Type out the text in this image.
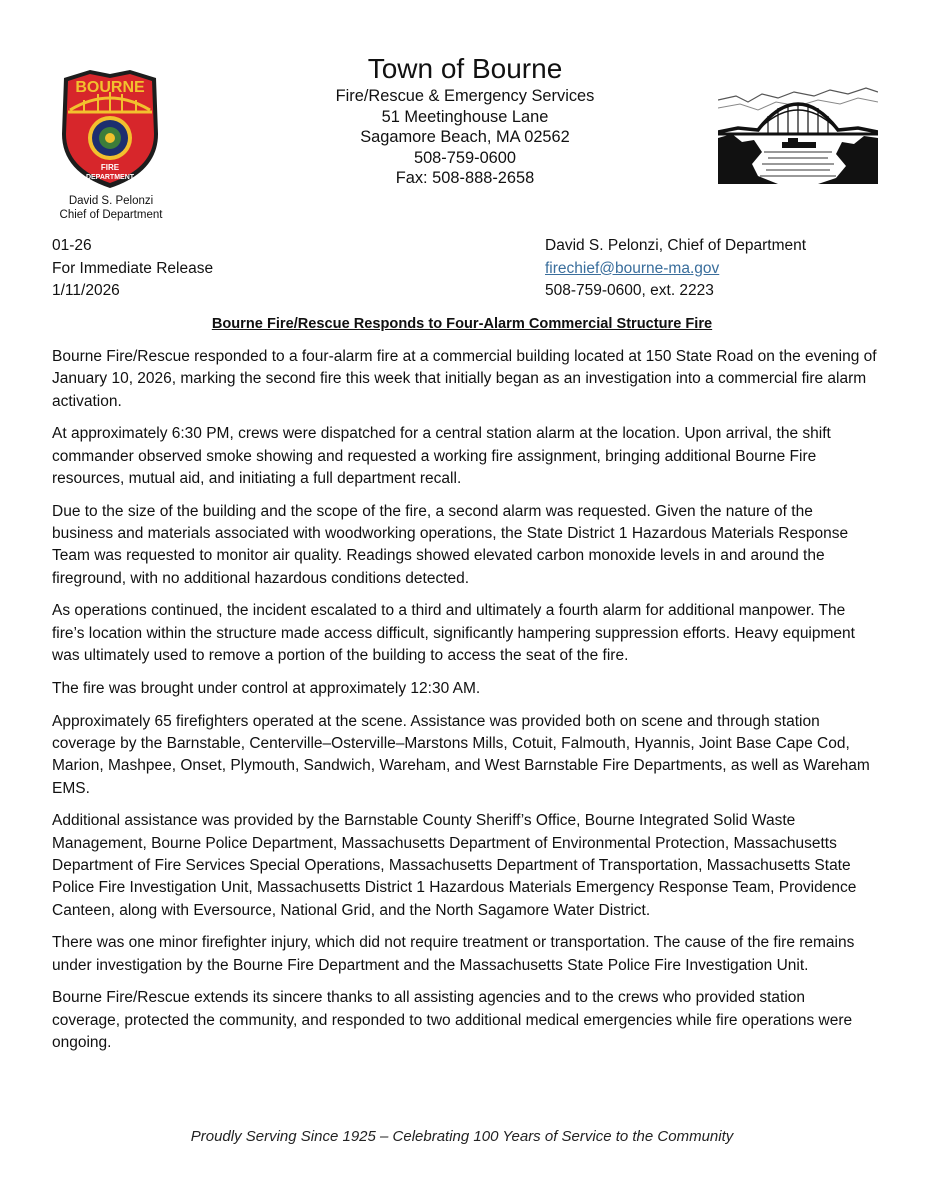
BOURNE
FIRE
DEPARTMENT
David S. Pelonzi
Chief of Department
Town of Bourne
Fire/Rescue & Emergency Services
51 Meetinghouse Lane
Sagamore Beach, MA 02562
508-759-0600
Fax: 508-888-2658
01-26
For Immediate Release
1/11/2026
David S. Pelonzi, Chief of Department
firechief@bourne-ma.gov
508-759-0600, ext. 2223
Bourne Fire/Rescue Responds to Four-Alarm Commercial Structure Fire

Bourne Fire/Rescue responded to a four-alarm fire at a commercial building located at 150 State Road on the evening of January 10, 2026, marking the second fire this week that initially began as an investigation into a commercial fire alarm activation.

At approximately 6:30 PM, crews were dispatched for a central station alarm at the location. Upon arrival, the shift commander observed smoke showing and requested a working fire assignment, bringing additional Bourne Fire resources, mutual aid, and initiating a full department recall.

Due to the size of the building and the scope of the fire, a second alarm was requested. Given the nature of the business and materials associated with woodworking operations, the State District 1 Hazardous Materials Response Team was requested to monitor air quality. Readings showed elevated carbon monoxide levels in and around the fireground, with no additional hazardous conditions detected.

As operations continued, the incident escalated to a third and ultimately a fourth alarm for additional manpower. The fire’s location within the structure made access difficult, significantly hampering suppression efforts. Heavy equipment was ultimately used to remove a portion of the building to access the seat of the fire.

The fire was brought under control at approximately 12:30 AM.

Approximately 65 firefighters operated at the scene. Assistance was provided both on scene and through station coverage by the Barnstable, Centerville–Osterville–Marstons Mills, Cotuit, Falmouth, Hyannis, Joint Base Cape Cod, Marion, Mashpee, Onset, Plymouth, Sandwich, Wareham, and West Barnstable Fire Departments, as well as Wareham EMS.

Additional assistance was provided by the Barnstable County Sheriff’s Office, Bourne Integrated Solid Waste Management, Bourne Police Department, Massachusetts Department of Environmental Protection, Massachusetts Department of Fire Services Special Operations, Massachusetts Department of Transportation, Massachusetts State Police Fire Investigation Unit, Massachusetts District 1 Hazardous Materials Emergency Response Team, Providence Canteen, along with Eversource, National Grid, and the North Sagamore Water District.

There was one minor firefighter injury, which did not require treatment or transportation. The cause of the fire remains under investigation by the Bourne Fire Department and the Massachusetts State Police Fire Investigation Unit.

Bourne Fire/Rescue extends its sincere thanks to all assisting agencies and to the crews who provided station coverage, protected the community, and responded to two additional medical emergencies while fire operations were ongoing.

Proudly Serving Since 1925 – Celebrating 100 Years of Service to the Community
